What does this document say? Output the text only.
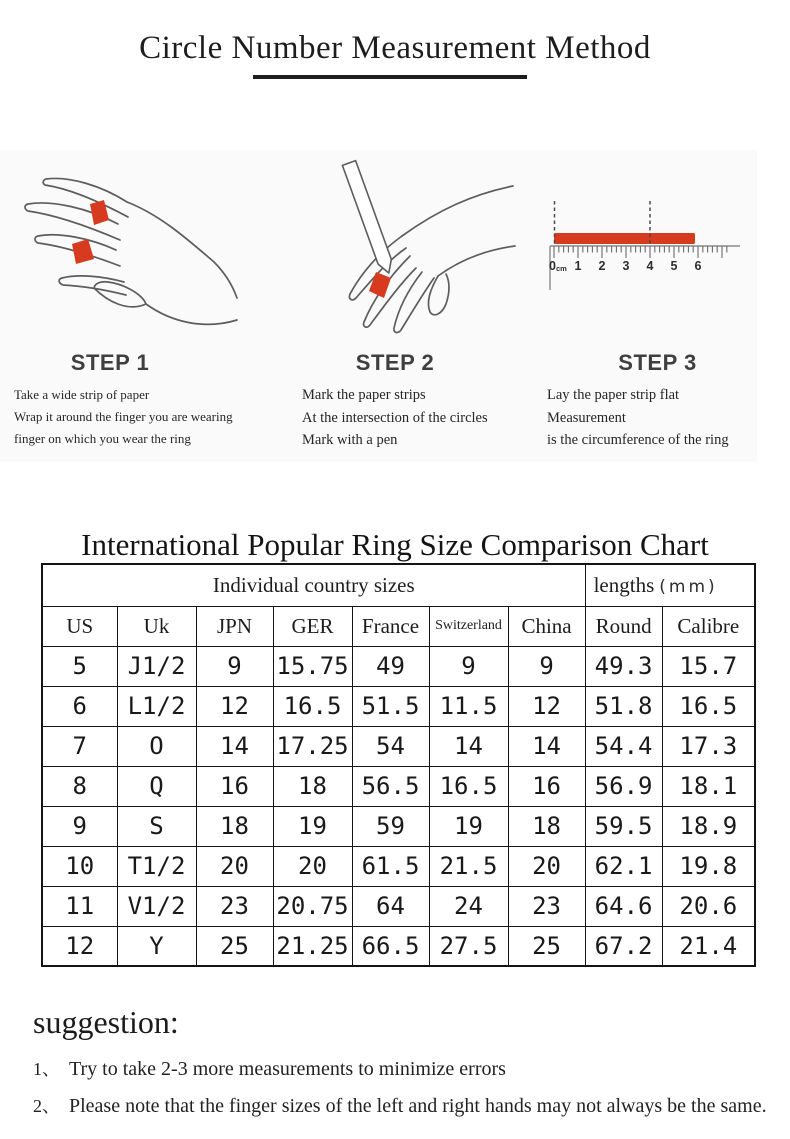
Circle Number Measurement Method
0cm 1 2 3 4 5 6
STEP 1	STEP 2	STEP 3
Take a wide strip of paper
Wrap it around the finger you are wearing
finger on which you wear the ring
Mark the paper strips
At the intersection of the circles
Mark with a pen
Lay the paper strip flat
Measurement
is the circumference of the ring
International Popular Ring Size Comparison Chart
Individual country sizes							lengths (mm)	

US	Uk	JPN	GER	France	Switzerland	China	Round	Calibre
5	J1/2	9	15.75	49	9	9	49.3	15.7
6	L1/2	12	16.5	51.5	11.5	12	51.8	16.5
7	O	14	17.25	54	14	14	54.4	17.3
8	Q	16	18	56.5	16.5	16	56.9	18.1
9	S	18	19	59	19	18	59.5	18.9
10	T1/2	20	20	61.5	21.5	20	62.1	19.8
11	V1/2	23	20.75	64	24	23	64.6	20.6
12	Y	25	21.25	66.5	27.5	25	67.2	21.4
suggestion:
1、 Try to take 2-3 more measurements to minimize errors
2、 Please note that the finger sizes of the left and right hands may not always be the same.
